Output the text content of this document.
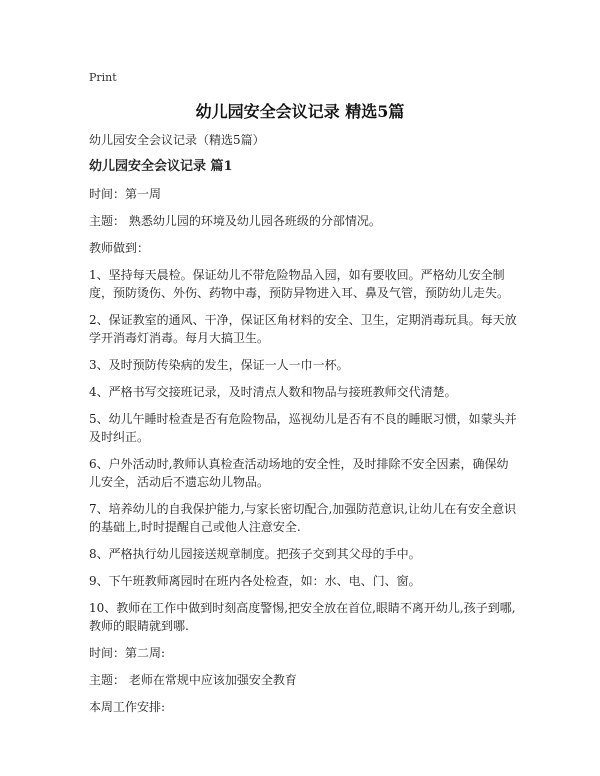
Print
幼儿园安全会议记录 精选5篇

幼儿园安全会议记录（精选5篇）

幼儿园安全会议记录 篇1

时间：第一周

主题： 熟悉幼儿园的环境及幼儿园各班级的分部情况。

教师做到：

1、坚持每天晨检。保证幼儿不带危险物品入园，如有要收回。严格幼儿安全制度，预防烫伤、外伤、药物中毒，预防异物进入耳、鼻及气管，预防幼儿走失。

2、保证教室的通风、干净，保证区角材料的安全、卫生，定期消毒玩具。每天放学开消毒灯消毒。每月大搞卫生。

3、及时预防传染病的发生，保证一人一巾一杯。

4、严格书写交接班记录，及时清点人数和物品与接班教师交代清楚。

5、幼儿午睡时检查是否有危险物品，巡视幼儿是否有不良的睡眠习惯，如蒙头并及时纠正。

6、户外活动时,教师认真检查活动场地的安全性，及时排除不安全因素，确保幼儿安全，活动后不遗忘幼儿物品。

7、培养幼儿的自我保护能力,与家长密切配合,加强防范意识,让幼儿在有安全意识的基础上,时时提醒自己或他人注意安全.

8、严格执行幼儿园接送规章制度。把孩子交到其父母的手中。

9、下午班教师离园时在班内各处检查，如：水、电、门、窗。

10、教师在工作中做到时刻高度警惕,把安全放在首位,眼睛不离开幼儿,孩子到哪,教师的眼睛就到哪.

时间：第二周:

主题： 老师在常规中应该加强安全教育

本周工作安排:
